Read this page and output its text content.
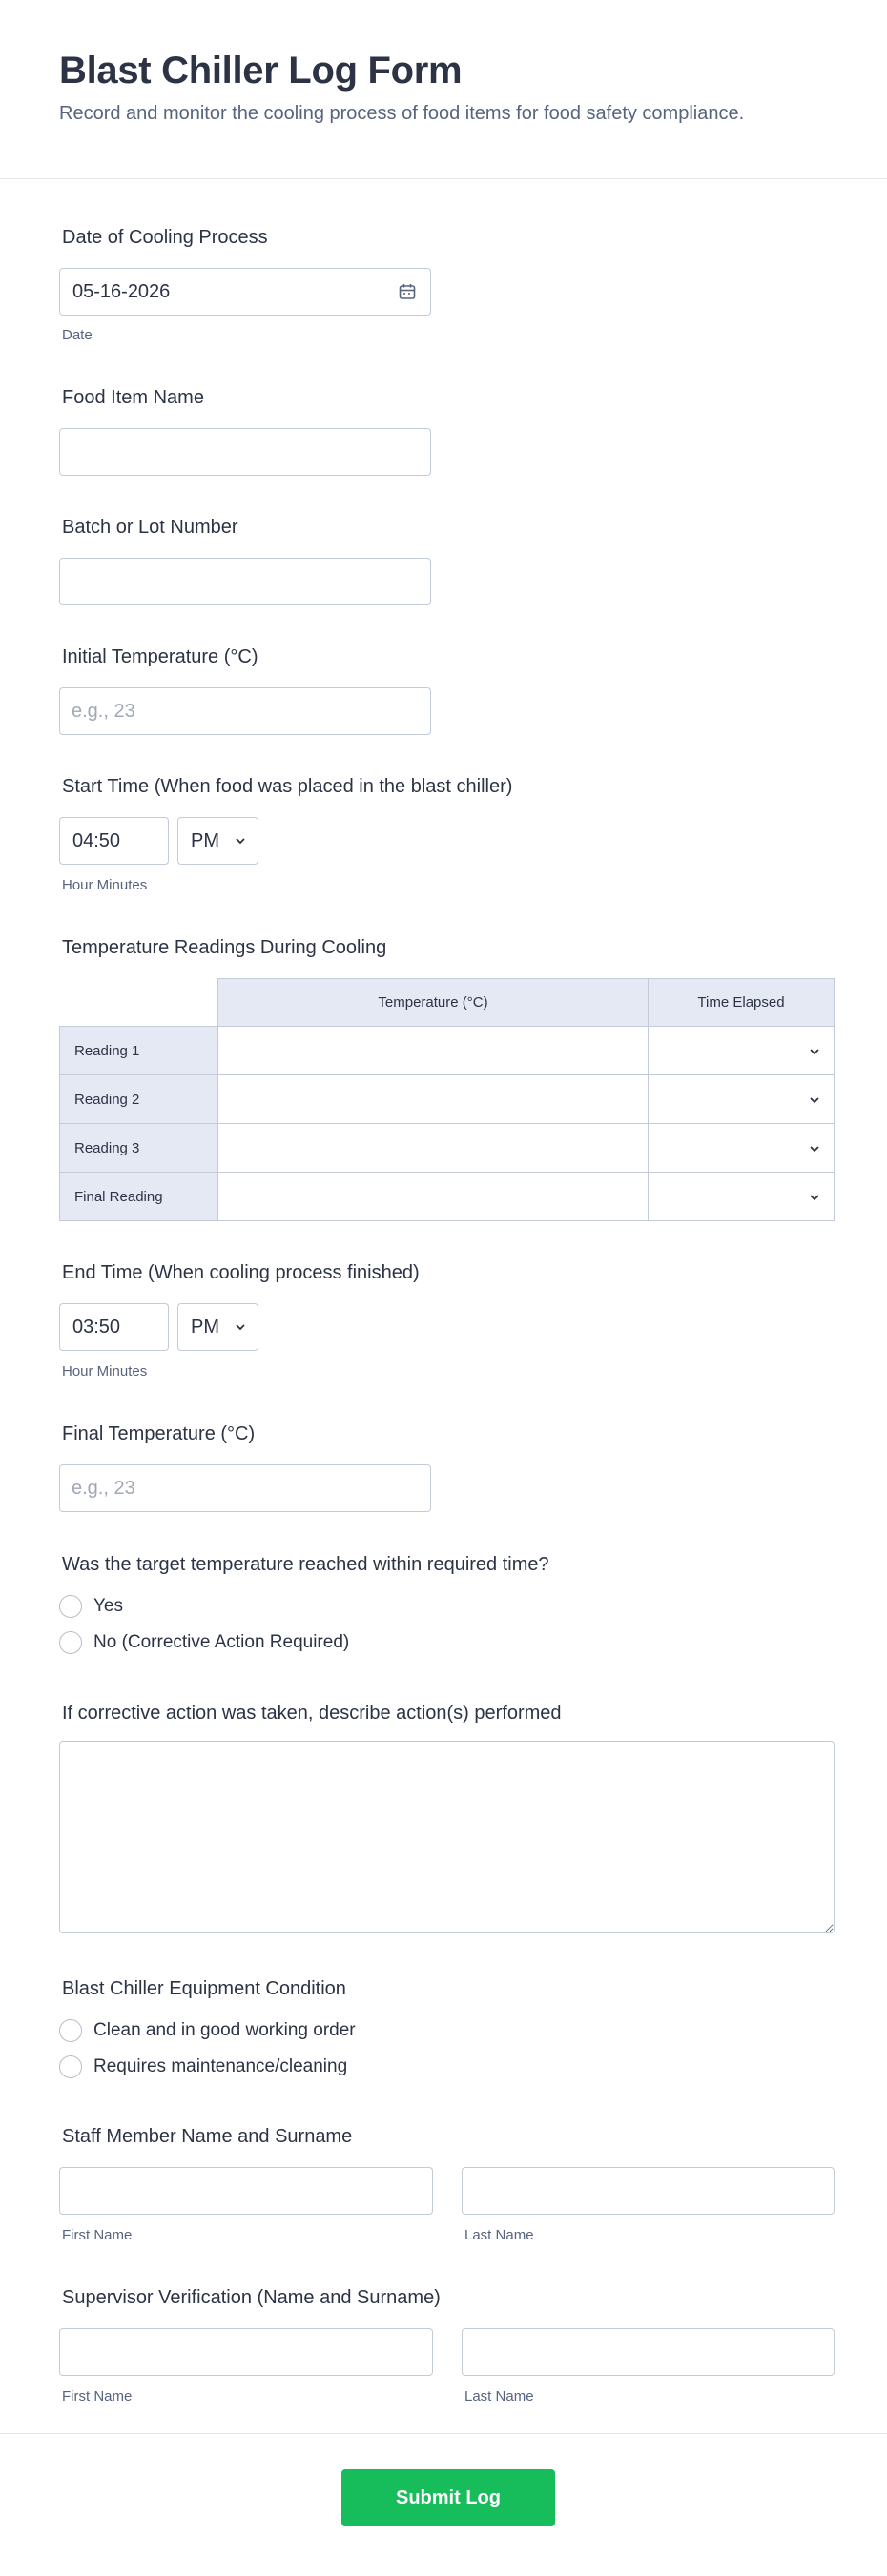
Blast Chiller Log Form

Record and monitor the cooling process of food items for food safety compliance.

Date of Cooling Process
05-16-2026
Date
Food Item Name
Batch or Lot Number
Initial Temperature (°C)
e.g., 23
Start Time (When food was placed in the blast chiller)
04:50	PM
Hour Minutes
Temperature Readings During Cooling
	Temperature (°C)	Time Elapsed
Reading 1		

Reading 2		

Reading 3		

Final Reading		
End Time (When cooling process finished)
03:50	PM
Hour Minutes
Final Temperature (°C)
e.g., 23
Was the target temperature reached within required time?
Yes
No (Corrective Action Required)
If corrective action was taken, describe action(s) performed
Blast Chiller Equipment Condition
Clean and in good working order
Requires maintenance/cleaning
Staff Member Name and Surname
First Name	Last Name
Supervisor Verification (Name and Surname)
First Name	Last Name
Submit Log
